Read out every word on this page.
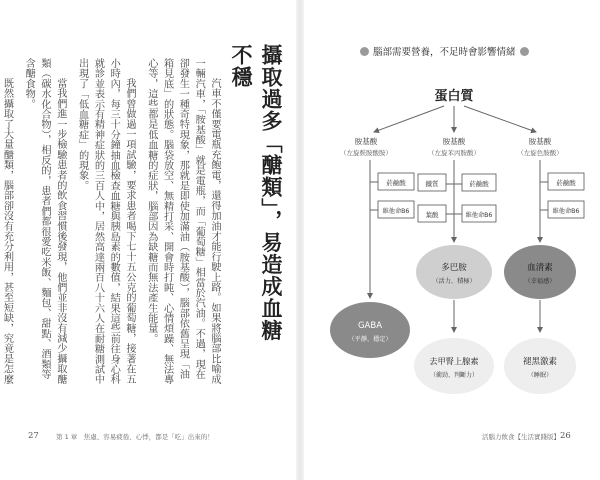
攝取過多「醣類」，易造成血糖不穩

汽車不僅要電瓶充飽電，還得加油才能行駛上路。如果將腦部比喻成一輛汽車，「胺基酸」就是電瓶，而「葡萄糖」相當於汽油。不過，現在卻發生一種奇特現象，那就是即使加滿油（胺基酸），腦部依舊呈現「油箱見底」的狀態。腦袋放空、無精打采、開會時打盹、心情煩躁、無法專心等，這些都是低血糖的症狀，腦部因為缺糖而無法產生能量。

我們曾做過一項試驗，要求患者喝下七十五公克的葡萄糖，接著在五小時內，每三十分鐘抽血檢查血糖與胰島素的數值，結果這些前往身心科就診並表示有精神症狀的三百人中，居然高達兩百八十六人在耐糖測試中出現了「低血糖症」的現象。

當我們進一步檢驗患者的飲食習慣後發現，他們並非沒有減少攝取醣類（碳水化合物），相反的，患者們都很愛吃米飯、麵包、甜點、酒類等含醣食物。

既然攝取了大量醣類，腦部卻沒有充分利用，甚至短缺，究竟是怎麼

27	第 1 章　焦慮、容易疲倦、心悸，都是「吃」出來的！
腦部需要營養，不足時會影響情緒
蛋白質
胺基酸
（左旋麩胺酸胺）
胺基酸
（左旋苯丙胺酸）
胺基酸
（左旋色胺酸）
菸鹼酸
維他命B6
鐵質	菸鹼酸
葉酸	維他命B6
菸鹼酸
維他命B6
多巴胺
（活力、積極）
血清素
（幸福感）
GABA
（平靜、穩定）
去甲腎上腺素
（衝勁、判斷力）
褪黑激素
（睡眠）
活腦力飲食【生活實踐版】 26
